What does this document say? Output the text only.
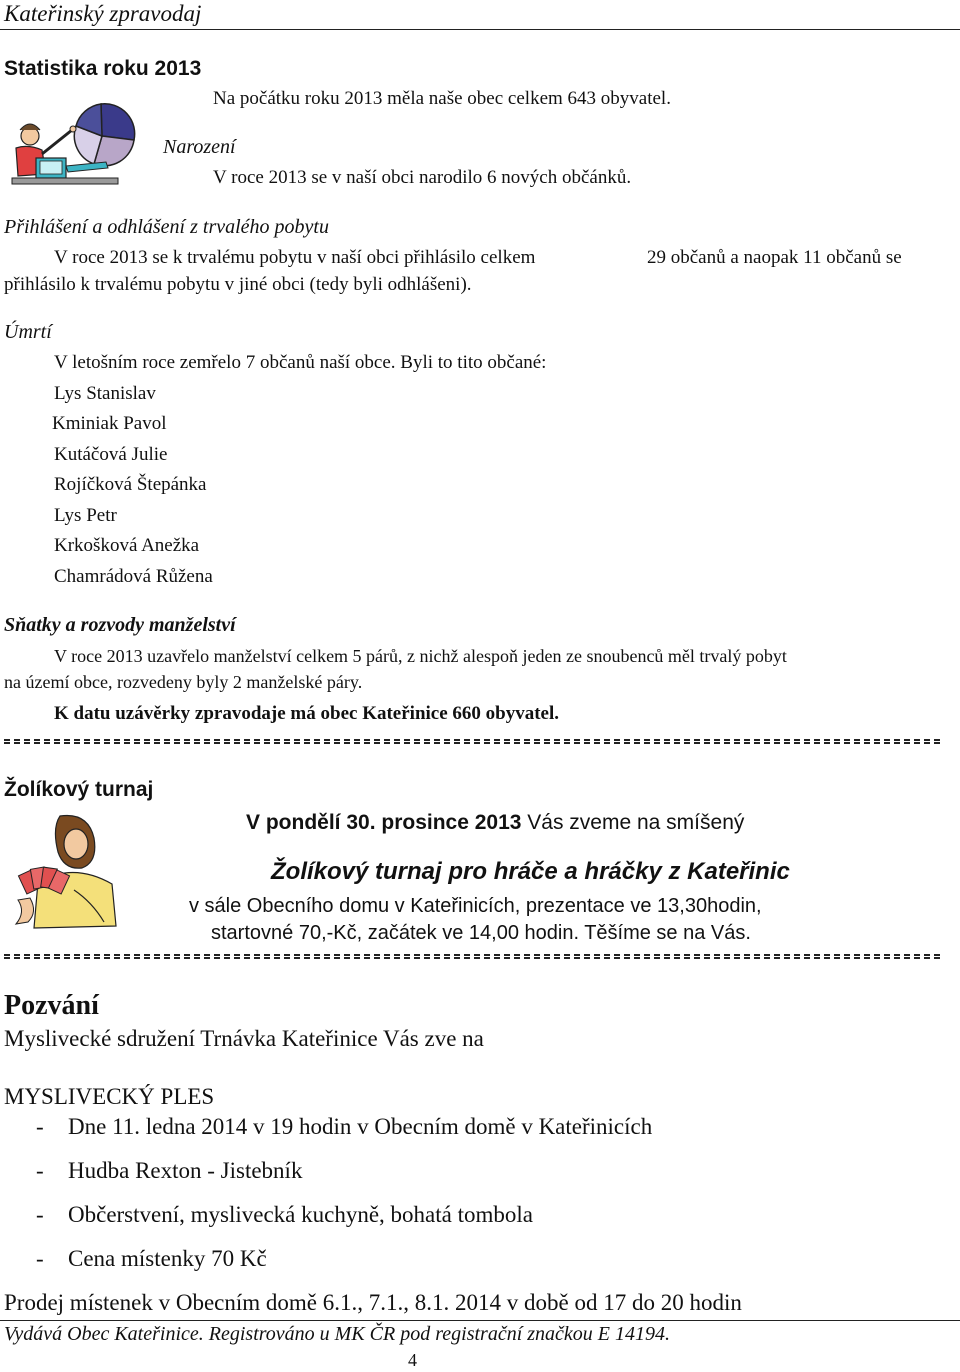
Kateřinský zpravodaj
Statistika roku 2013
Na počátku roku 2013 měla naše obec celkem 643 obyvatel.
Narození
V roce 2013 se v naší obci narodilo 6 nových občánků.
Přihlášení a odhlášení z trvalého pobytu
V roce 2013 se k trvalému pobytu v naší obci přihlásilo celkem	29 občanů a naopak 11 občanů se
přihlásilo k trvalému pobytu v jiné obci (tedy byli odhlášeni).
Úmrtí
V letošním roce zemřelo 7 občanů naší obce. Byli to tito občané:
Lys Stanislav
Kminiak Pavol
Kutáčová Julie
Rojíčková Štepánka
Lys Petr
Krkošková Anežka
Chamrádová Růžena
Sňatky a rozvody manželství
V roce 2013 uzavřelo manželství celkem 5 párů, z nichž alespoň jeden ze snoubenců měl trvalý pobyt
na území obce, rozvedeny byly 2 manželské páry.
K datu uzávěrky zpravodaje má obec Kateřinice 660 obyvatel.
Žolíkový turnaj
V pondělí 30. prosince 2013 Vás zveme na smíšený
Žolíkový turnaj pro hráče a hráčky z Kateřinic
v sále Obecního domu v Kateřinicích, prezentace ve 13,30hodin,
startovné 70,-Kč, začátek ve 14,00 hodin. Těšíme se na Vás.
Pozvání
Myslivecké sdružení Trnávka Kateřinice Vás zve na
MYSLIVECKÝ PLES
- Dne 11. ledna 2014 v 19 hodin v Obecním domě v Kateřinicích
- Hudba Rexton - Jistebník
- Občerstvení, myslivecká kuchyně, bohatá tombola
- Cena místenky 70 Kč
Prodej místenek v Obecním domě 6.1., 7.1., 8.1. 2014 v době od 17 do 20 hodin
Vydává Obec Kateřinice. Registrováno u MK ČR pod registrační značkou E 14194.
4
